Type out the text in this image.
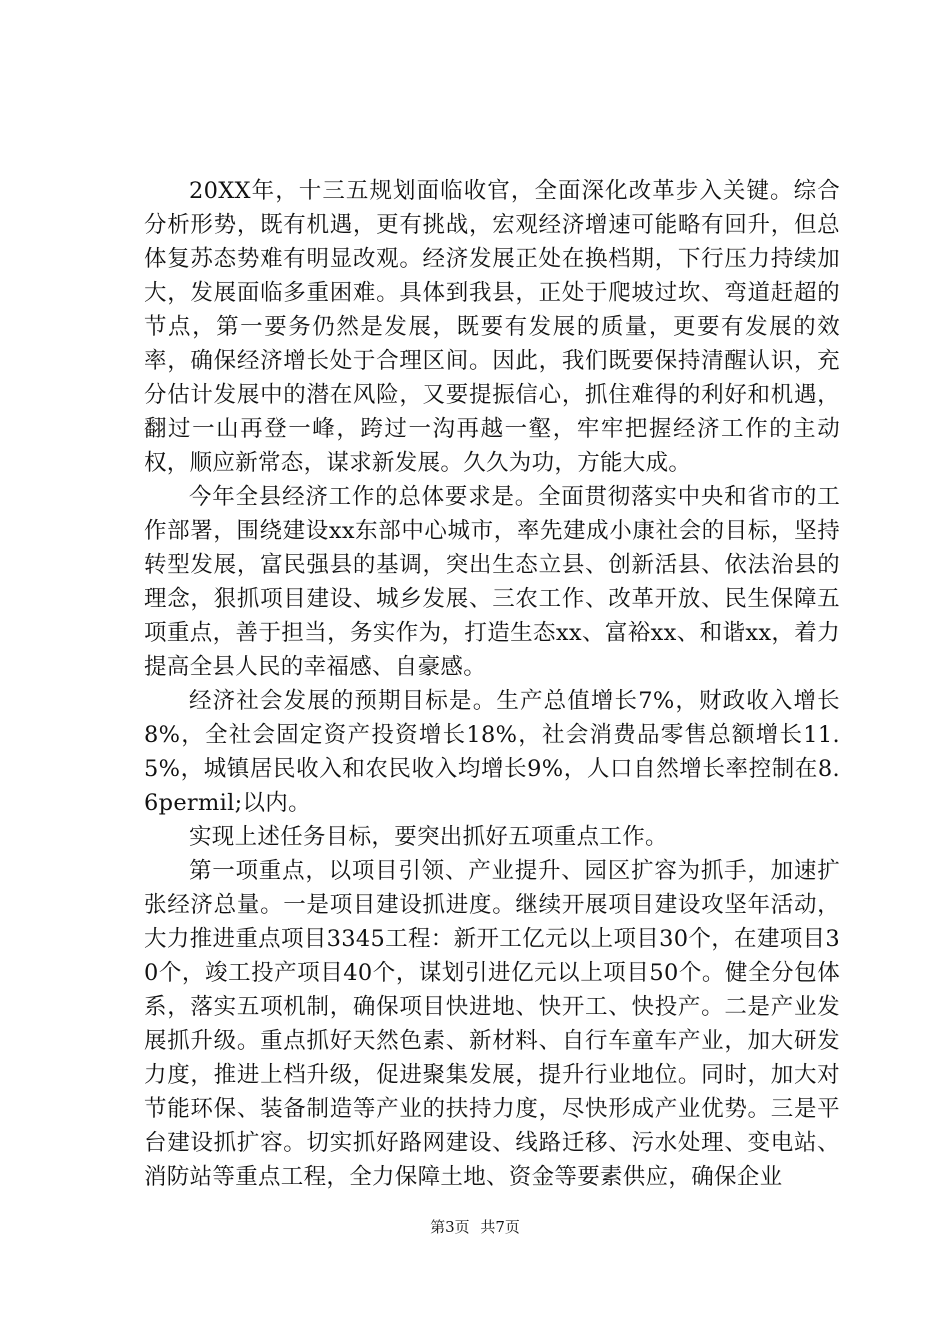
20XX年，十三五规划面临收官，全面深化改革步入关键。综合分析形势，既有机遇，更有挑战，宏观经济增速可能略有回升，但总体复苏态势难有明显改观。经济发展正处在换档期，下行压力持续加大，发展面临多重困难。具体到我县，正处于爬坡过坎、弯道赶超的节点，第一要务仍然是发展，既要有发展的质量，更要有发展的效率，确保经济增长处于合理区间。因此，我们既要保持清醒认识，充分估计发展中的潜在风险，又要提振信心，抓住难得的利好和机遇，翻过一山再登一峰，跨过一沟再越一壑，牢牢把握经济工作的主动权，顺应新常态，谋求新发展。久久为功，方能大成。

今年全县经济工作的总体要求是。全面贯彻落实中央和省市的工作部署，围绕建设xx东部中心城市，率先建成小康社会的目标，坚持转型发展，富民强县的基调，突出生态立县、创新活县、依法治县的理念，狠抓项目建设、城乡发展、三农工作、改革开放、民生保障五项重点，善于担当，务实作为，打造生态xx、富裕xx、和谐xx，着力提高全县人民的幸福感、自豪感。

经济社会发展的预期目标是。生产总值增长7%，财政收入增长8%，全社会固定资产投资增长18%，社会消费品零售总额增长11.5%，城镇居民收入和农民收入均增长9%，人口自然增长率控制在8.6permil;以内。

实现上述任务目标，要突出抓好五项重点工作。

第一项重点，以项目引领、产业提升、园区扩容为抓手，加速扩张经济总量。一是项目建设抓进度。继续开展项目建设攻坚年活动，大力推进重点项目3345工程：新开工亿元以上项目30个，在建项目30个，竣工投产项目40个，谋划引进亿元以上项目50个。健全分包体系，落实五项机制，确保项目快进地、快开工、快投产。二是产业发展抓升级。重点抓好天然色素、新材料、自行车童车产业，加大研发力度，推进上档升级，促进聚集发展，提升行业地位。同时，加大对节能环保、装备制造等产业的扶持力度，尽快形成产业优势。三是平台建设抓扩容。切实抓好路网建设、线路迁移、污水处理、变电站、消防站等重点工程，全力保障土地、资金等要素供应，确保企业

第3页 共7页
